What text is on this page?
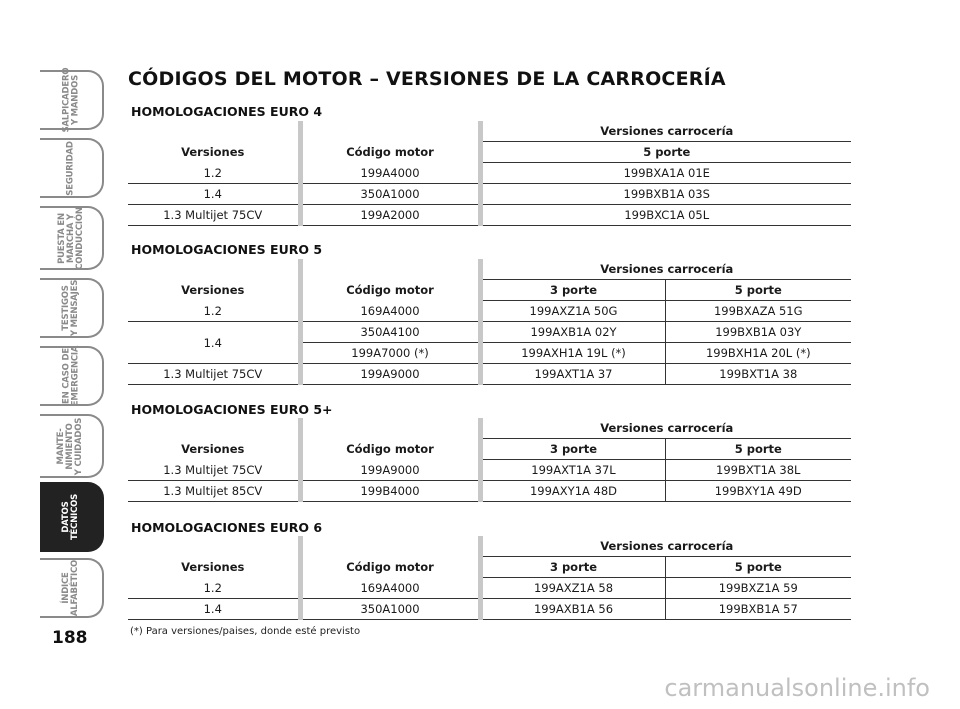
SALPICADERO
Y MANDOS
SEGURIDAD
PUESTA EN
MARCHA Y
CONDUCCIÓN
TESTIGOS
Y MENSAJES
EN CASO DE
EMERGENCIA
MANTE-
NIMIENTO
Y CUIDADOS
DATOS
TÉCNICOS
ÍNDICE
ALFABÉTICO
188
CÓDIGOS DEL MOTOR – VERSIONES DE LA CARROCERÍA
HOMOLOGACIONES EURO 4
Versiones	Código motor	Versiones carrocería
		5 porte
1.2	199A4000	199BXA1A 01E
1.4	350A1000	199BXB1A 03S
1.3 Multijet 75CV	199A2000	199BXC1A 05L
HOMOLOGACIONES EURO 5
Versiones	Código motor	Versiones carrocería	
		3 porte	5 porte
1.2	169A4000	199AXZ1A 50G	199BXAZA 51G
1.4	350A4100	199AXB1A 02Y	199BXB1A 03Y
	199A7000 (*)	199AXH1A 19L (*)	199BXH1A 20L (*)
1.3 Multijet 75CV	199A9000	199AXT1A 37	199BXT1A 38
HOMOLOGACIONES EURO 5+
Versiones	Código motor	Versiones carrocería	
		3 porte	5 porte
1.3 Multijet 75CV	199A9000	199AXT1A 37L	199BXT1A 38L
1.3 Multijet 85CV	199B4000	199AXY1A 48D	199BXY1A 49D
HOMOLOGACIONES EURO 6
Versiones	Código motor	Versiones carrocería	
		3 porte	5 porte
1.2	169A4000	199AXZ1A 58	199BXZ1A 59
1.4	350A1000	199AXB1A 56	199BXB1A 57
(*) Para versiones/paises, donde esté previsto
carmanualsonline.info
